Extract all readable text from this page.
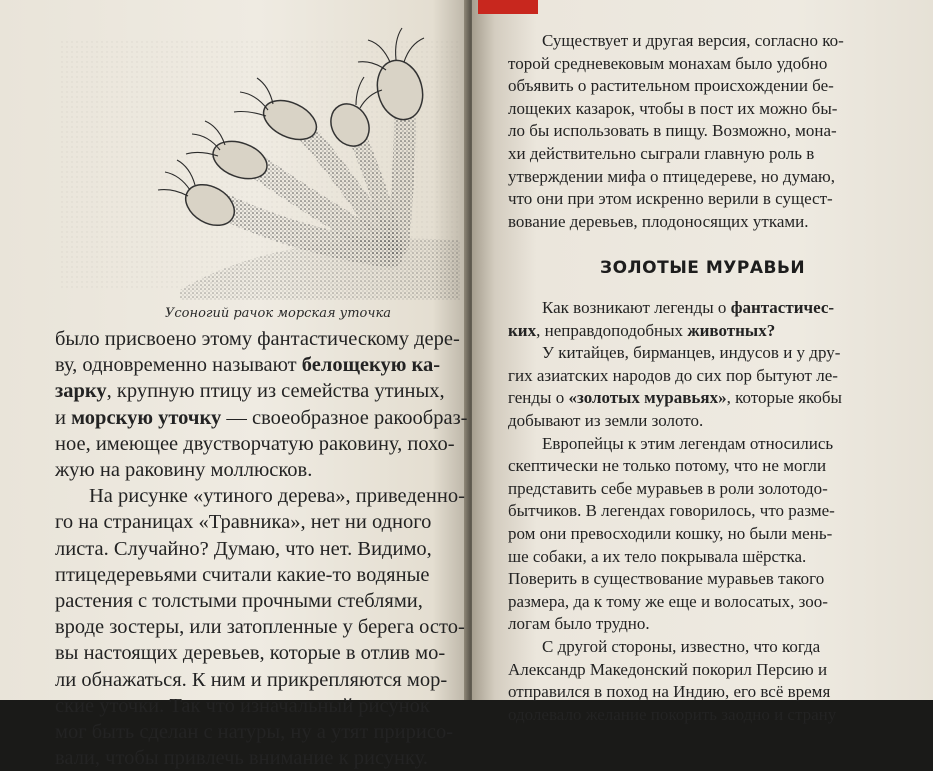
Усоногий рачок морская уточка

было присвоено этому фантастическому дере-

ву, одновременно называют белощекую ка-

зарку, крупную птицу из семейства утиных,

и морскую уточку — своеобразное ракообраз-

ное, имеющее двустворчатую раковину, похо-

жую на раковину моллюсков.

На рисунке «утиного дерева», приведенно-

го на страницах «Травника», нет ни одного

листа. Случайно? Думаю, что нет. Видимо,

птицедеревьями считали какие-то водяные

растения с толстыми прочными стеблями,

вроде зостеры, или затопленные у берега осто-

вы настоящих деревьев, которые в отлив мо-

ли обнажаться. К ним и прикрепляются мор-

ские уточки. Так что изначальный рисунок

мог быть сделан с натуры, ну а утят пририсо-

вали, чтобы привлечь внимание к рисунку.

Существует и другая версия, согласно ко-

торой средневековым монахам было удобно

объявить о растительном происхождении бе-

лощеких казарок, чтобы в пост их можно бы-

ло бы использовать в пищу. Возможно, мона-

хи действительно сыграли главную роль в

утверждении мифа о птицедереве, но думаю,

что они при этом искренно верили в сущест-

вование деревьев, плодоносящих утками.

ЗОЛОТЫЕ МУРАВЬИ

Как возникают легенды о фантастичес-

ких, неправдоподобных животных?

У китайцев, бирманцев, индусов и у дру-

гих азиатских народов до сих пор бытуют ле-

генды о «золотых муравьях», которые якобы

добывают из земли золото.

Европейцы к этим легендам относились

скептически не только потому, что не могли

представить себе муравьев в роли золотодо-

бытчиков. В легендах говорилось, что разме-

ром они превосходили кошку, но были мень-

ше собаки, а их тело покрывала шёрстка.

Поверить в существование муравьев такого

размера, да к тому же еще и волосатых, зоо-

логам было трудно.

С другой стороны, известно, что когда

Александр Македонский покорил Персию и

отправился в поход на Индию, его всё время

одолевало желание покорить заодно и страну
